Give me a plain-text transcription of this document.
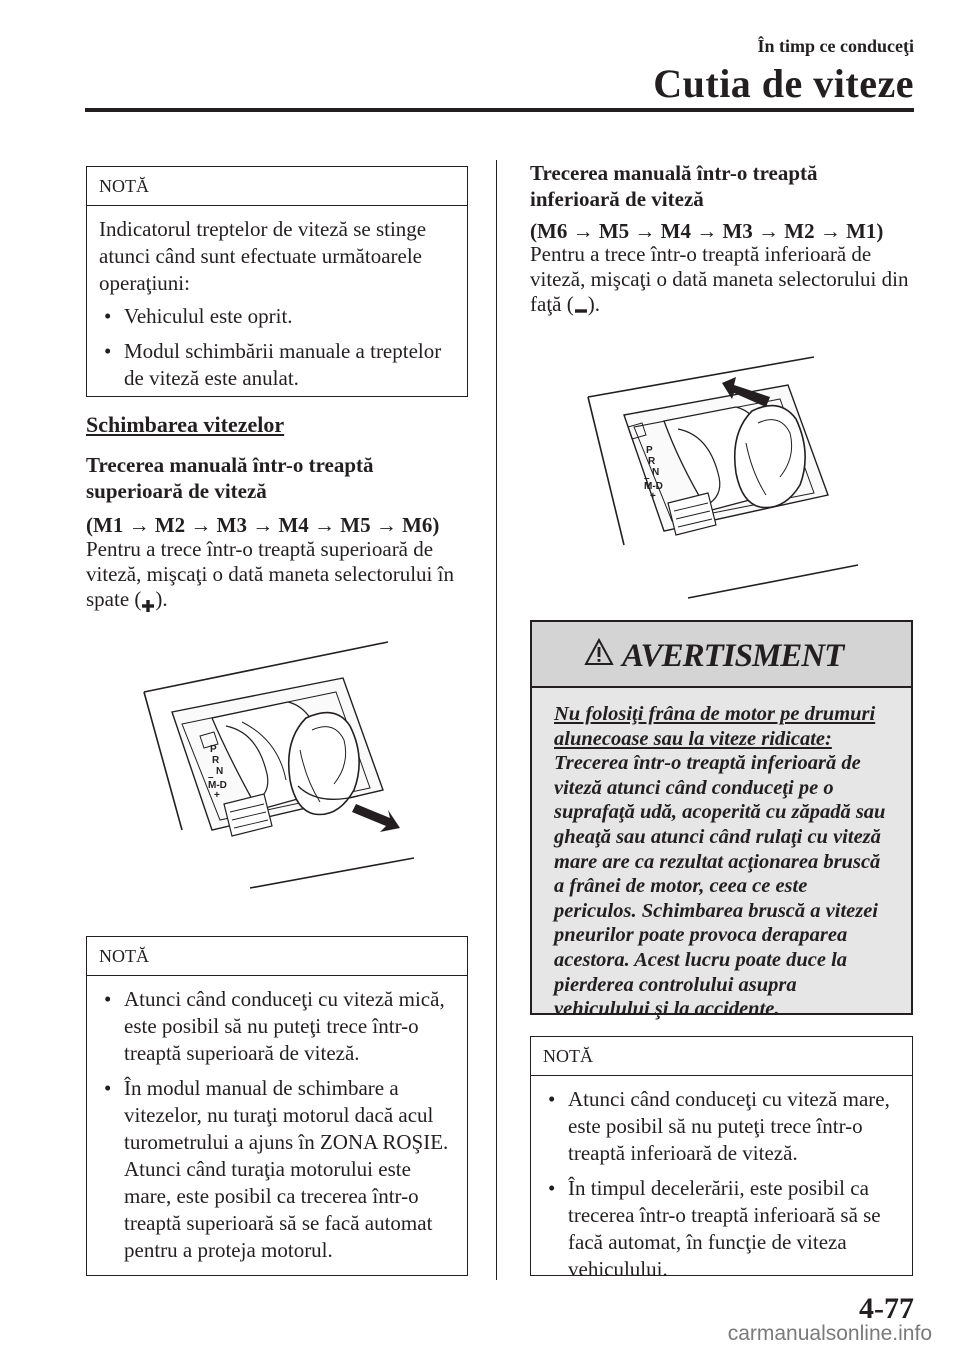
În timp ce conduceţi
Cutia de viteze
NOTĂ

Indicatorul treptelor de viteză se stinge atunci când sunt efectuate următoarele operaţiuni:

• Vehiculul este oprit.
• Modul schimbării manuale a treptelor de viteză este anulat.
Schimbarea vitezelor
Trecerea manuală într-o treaptă superioară de viteză
(M1 → M2 → M3 → M4 → M5 → M6)
Pentru a trece într-o treaptă superioară de viteză, mişcaţi o dată maneta selectorului în spate ( ).
P
R
N
–
M-D
+
NOTĂ
• Atunci când conduceţi cu viteză mică, este posibil să nu puteţi trece într-o treaptă superioară de viteză.
• În modul manual de schimbare a vitezelor, nu turaţi motorul dacă acul turometrului a ajuns în ZONA ROŞIE. Atunci când turaţia motorului este mare, este posibil ca trecerea într-o treaptă superioară să se facă automat pentru a proteja motorul.
Trecerea manuală într-o treaptă inferioară de viteză
(M6 → M5 → M4 → M3 → M2 → M1)
Pentru a trece într-o treaptă inferioară de viteză, mişcaţi o dată maneta selectorului din faţă ( ).
P
R
N
–
M-D
+
AVERTISMENT
Nu folosiţi frâna de motor pe drumuri alunecoase sau la viteze ridicate: Trecerea într-o treaptă inferioară de viteză atunci când conduceţi pe o suprafaţă udă, acoperită cu zăpadă sau gheaţă sau atunci când rulaţi cu viteză mare are ca rezultat acţionarea bruscă a frânei de motor, ceea ce este periculos. Schimbarea bruscă a vitezei pneurilor poate provoca deraparea acestora. Acest lucru poate duce la pierderea controlului asupra vehiculului şi la accidente.
NOTĂ
• Atunci când conduceţi cu viteză mare, este posibil să nu puteţi trece într-o treaptă inferioară de viteză.
• În timpul decelerării, este posibil ca trecerea într-o treaptă inferioară să se facă automat, în funcţie de viteza vehiculului.
4-77
carmanualsonline.info
